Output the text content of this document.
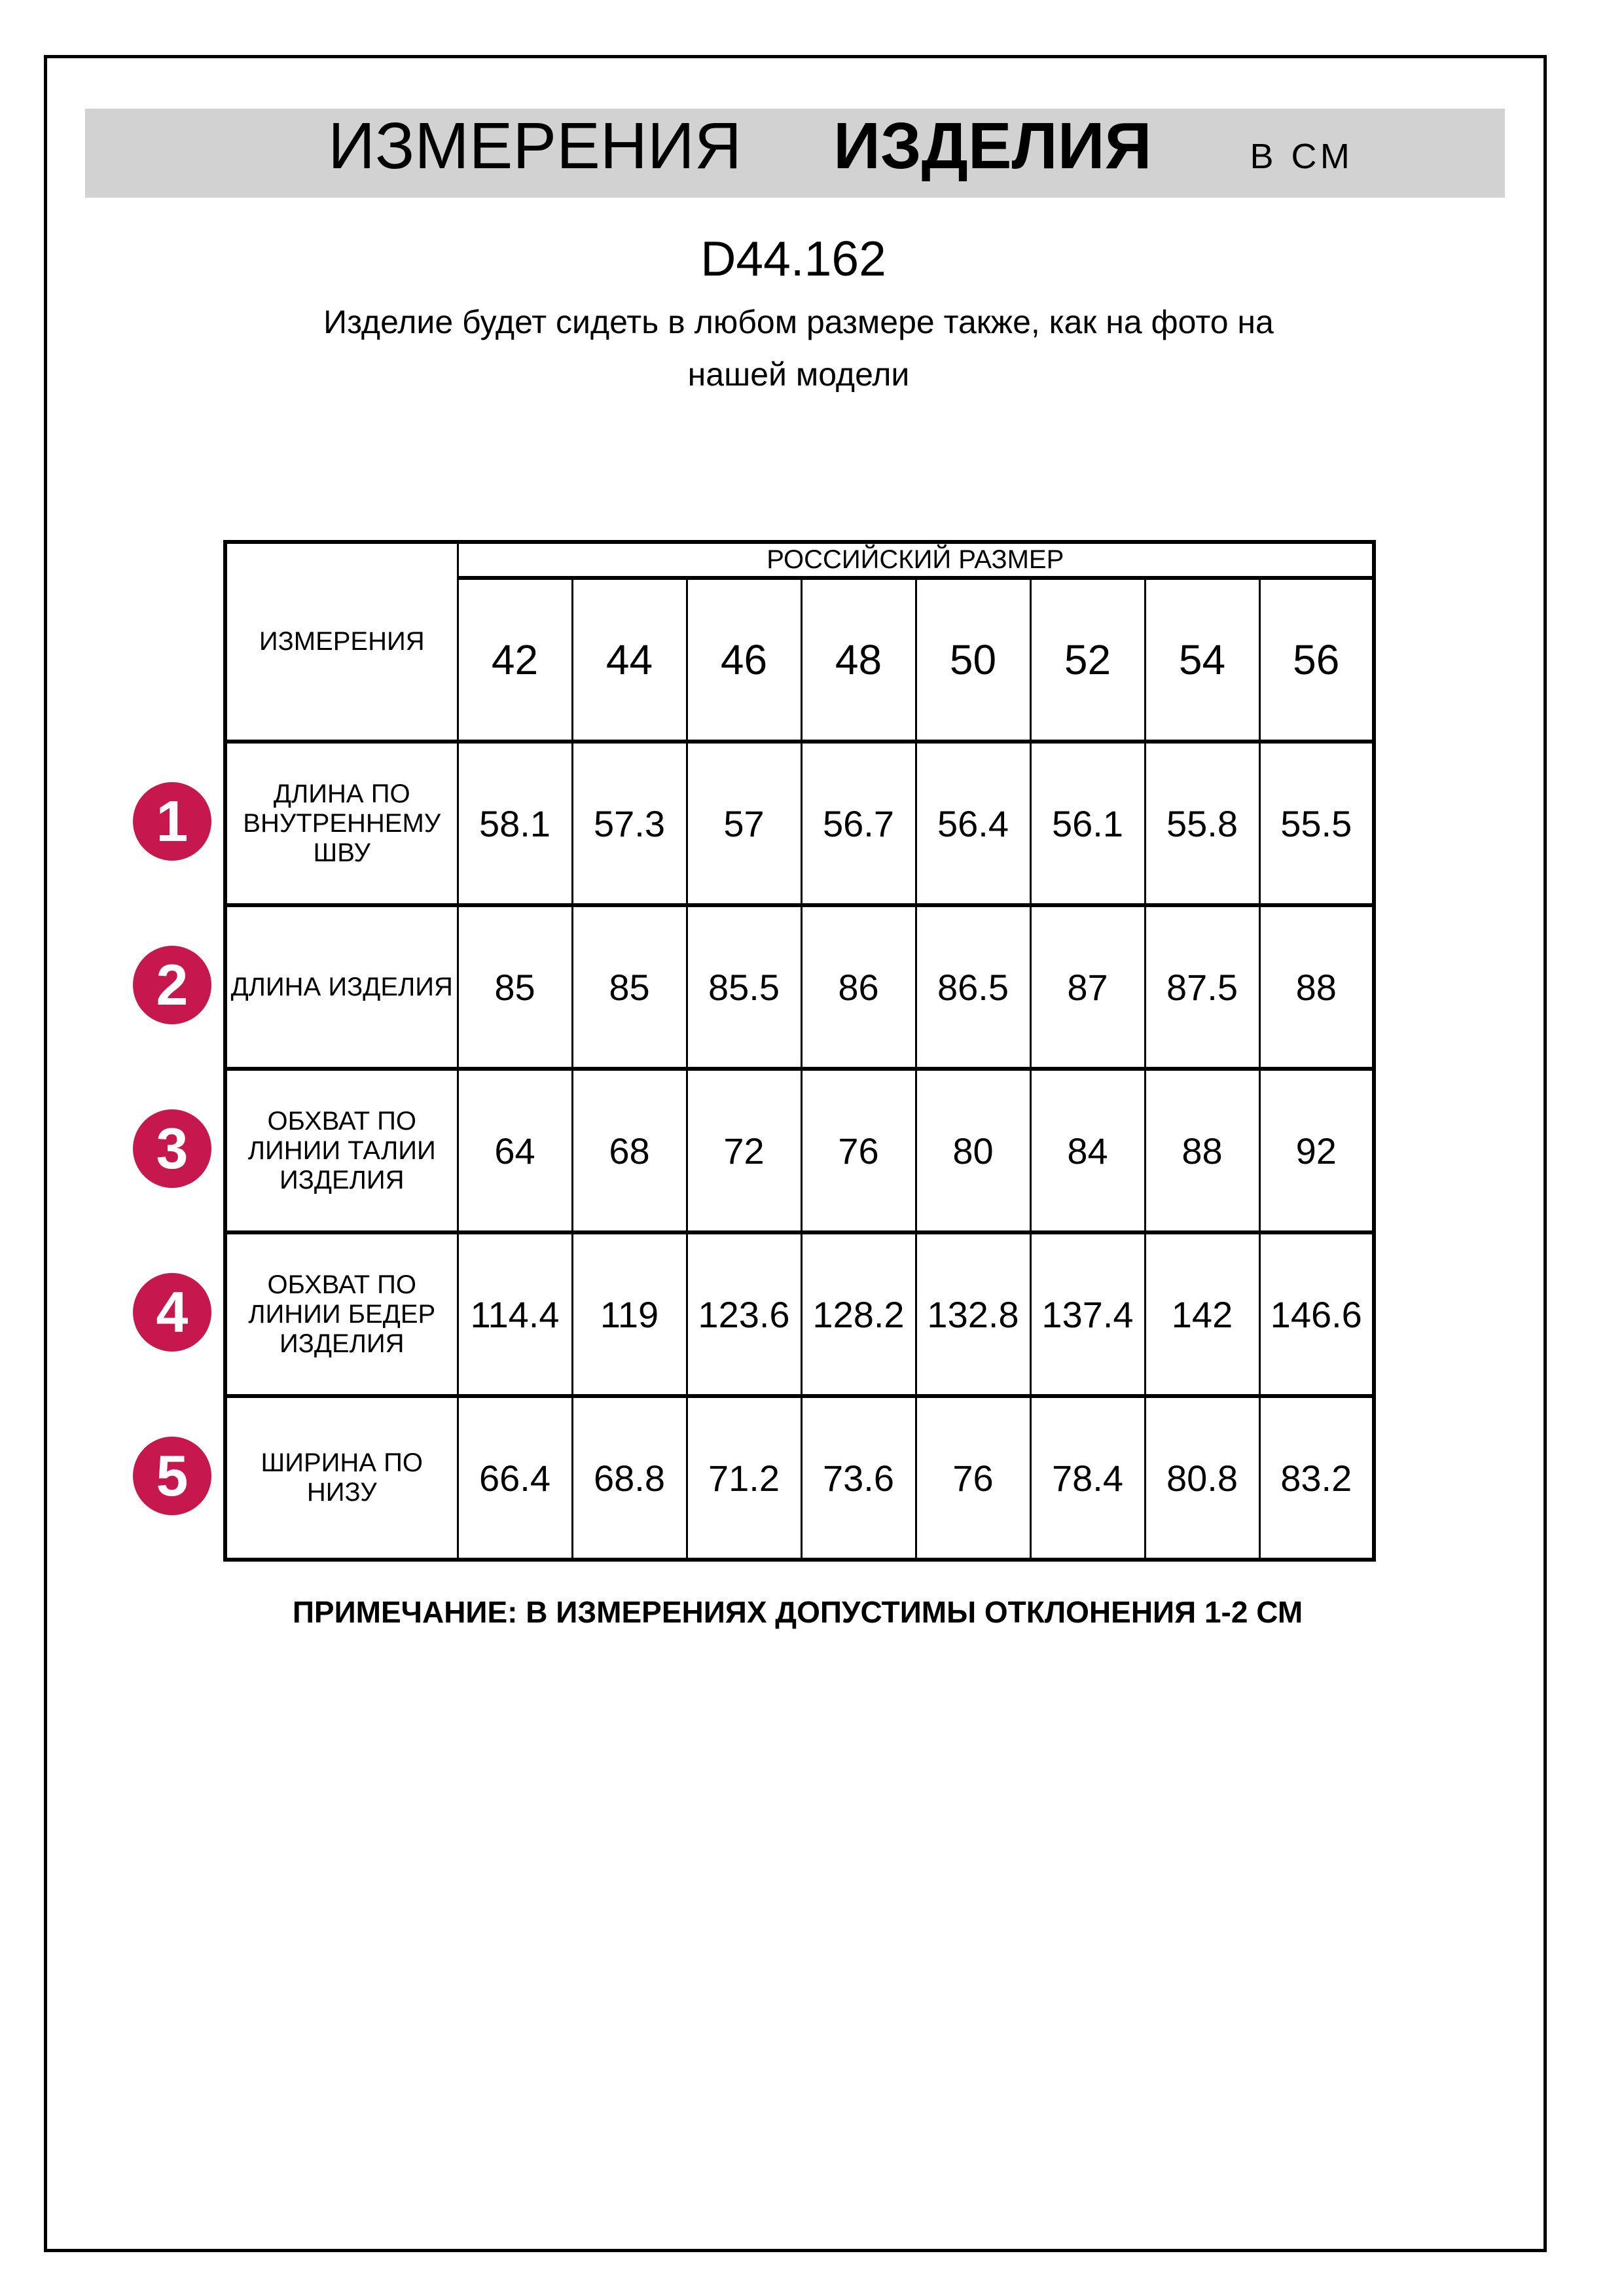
ИЗМЕРЕНИЯ ИЗДЕЛИЯ	В СМ
D44.162
Изделие будет сидеть в любом размере также, как на фото на
нашей модели
ИЗМЕРЕНИЯ	РОССИЙСКИЙ РАЗМЕР							
	42	44	46	48	50	52	54	56
ДЛИНА ПО ВНУТРЕННЕМУ ШВУ	58.1	57.3	57	56.7	56.4	56.1	55.8	55.5
ДЛИНА ИЗДЕЛИЯ	85	85	85.5	86	86.5	87	87.5	88
ОБХВАТ ПО ЛИНИИ ТАЛИИ ИЗДЕЛИЯ	64	68	72	76	80	84	88	92
ОБХВАТ ПО ЛИНИИ БЕДЕР ИЗДЕЛИЯ	114.4	119	123.6	128.2	132.8	137.4	142	146.6
ШИРИНА ПО НИЗУ	66.4	68.8	71.2	73.6	76	78.4	80.8	83.2
1
2
3
4
5
ПРИМЕЧАНИЕ: В ИЗМЕРЕНИЯХ ДОПУСТИМЫ ОТКЛОНЕНИЯ 1-2 СМ
